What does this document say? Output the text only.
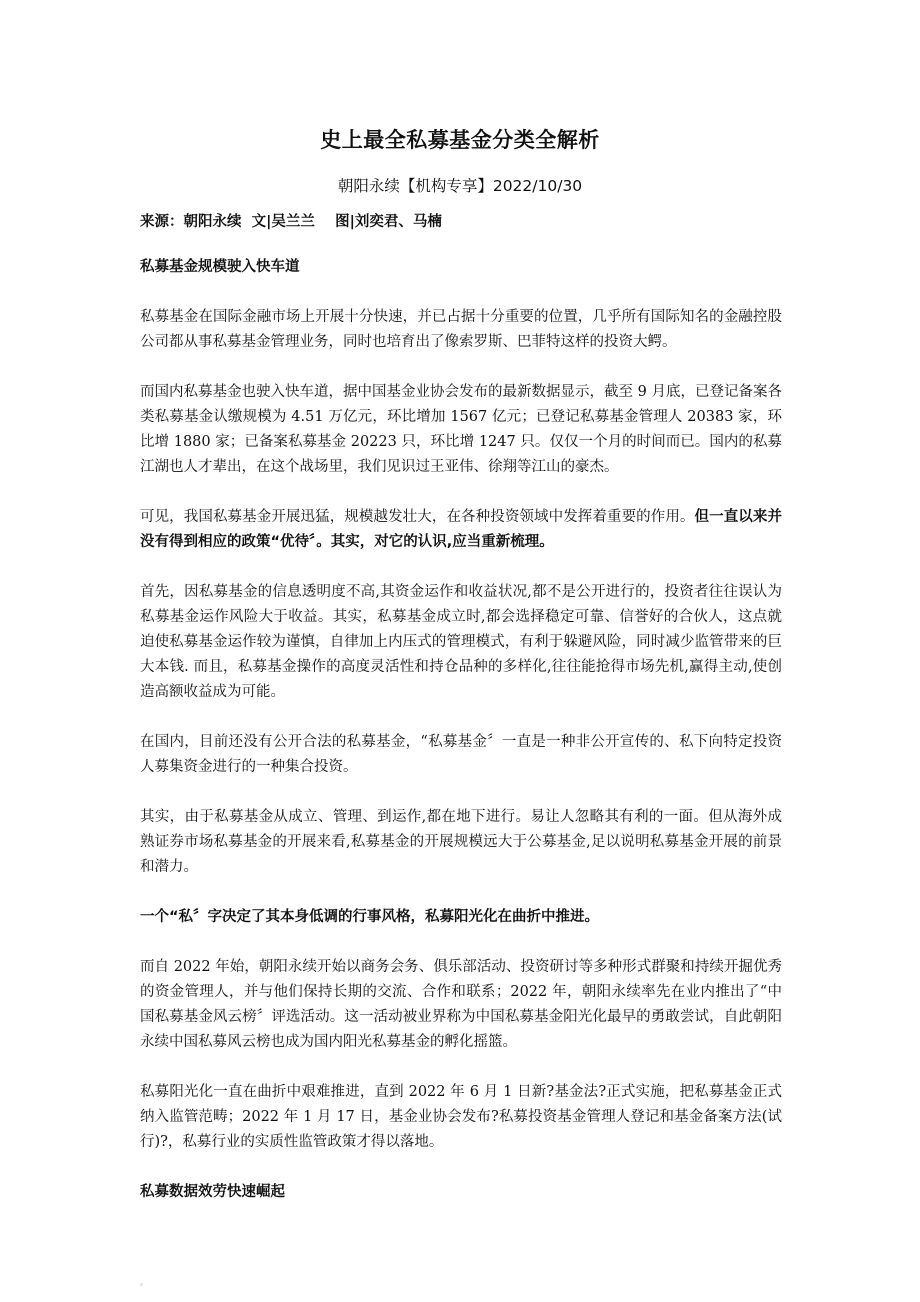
史上最全私募基金分类全解析
朝阳永续【机构专享】2022/10/30
来源：朝阳永续  文|吴兰兰    图|刘奕君、马楠
私募基金规模驶入快车道

私募基金在国际金融市场上开展十分快速，并已占据十分重要的位置，几乎所有国际知名的金融控股公司都从事私募基金管理业务，同时也培育出了像索罗斯、巴菲特这样的投资大鳄。

而国内私募基金也驶入快车道，据中国基金业协会发布的最新数据显示，截至 9 月底，已登记备案各类私募基金认缴规模为 4.51 万亿元，环比增加 1567 亿元；已登记私募基金管理人 20383 家，环比增 1880 家；已备案私募基金 20223 只，环比增 1247 只。仅仅一个月的时间而已。国内的私募江湖也人才辈出，在这个战场里，我们见识过王亚伟、徐翔等江山的豪杰。

可见，我国私募基金开展迅猛，规模越发壮大，在各种投资领域中发挥着重要的作用。但一直以来并没有得到相应的政策“优待〞。其实，对它的认识,应当重新梳理。

首先，因私募基金的信息透明度不高,其资金运作和收益状况,都不是公开进行的，投资者往往误认为私募基金运作风险大于收益。其实，私募基金成立时,都会选择稳定可靠、信誉好的合伙人，这点就迫使私募基金运作较为谨慎，自律加上内压式的管理模式，有利于躲避风险，同时减少监管带来的巨大本钱. 而且，私募基金操作的高度灵活性和持仓品种的多样化,往往能抢得市场先机,赢得主动,使创造高额收益成为可能。

在国内，目前还没有公开合法的私募基金，“私募基金〞一直是一种非公开宣传的、私下向特定投资人募集资金进行的一种集合投资。

其实，由于私募基金从成立、管理、到运作,都在地下进行。易让人忽略其有利的一面。但从海外成熟证券市场私募基金的开展来看,私募基金的开展规模远大于公募基金,足以说明私募基金开展的前景和潜力。

一个“私〞字决定了其本身低调的行事风格，私募阳光化在曲折中推进。

而自 2022 年始，朝阳永续开始以商务会务、俱乐部活动、投资研讨等多种形式群聚和持续开掘优秀的资金管理人，并与他们保持长期的交流、合作和联系；2022 年，朝阳永续率先在业内推出了“中国私募基金风云榜〞评选活动。这一活动被业界称为中国私募基金阳光化最早的勇敢尝试，自此朝阳永续中国私募风云榜也成为国内阳光私募基金的孵化摇篮。

私募阳光化一直在曲折中艰难推进，直到 2022 年 6 月 1 日新?基金法?正式实施，把私募基金正式纳入监管范畴；2022 年 1 月 17 日，基金业协会发布?私募投资基金管理人登记和基金备案方法(试行)?，私募行业的实质性监管政策才得以落地。

私募数据效劳快速崛起
